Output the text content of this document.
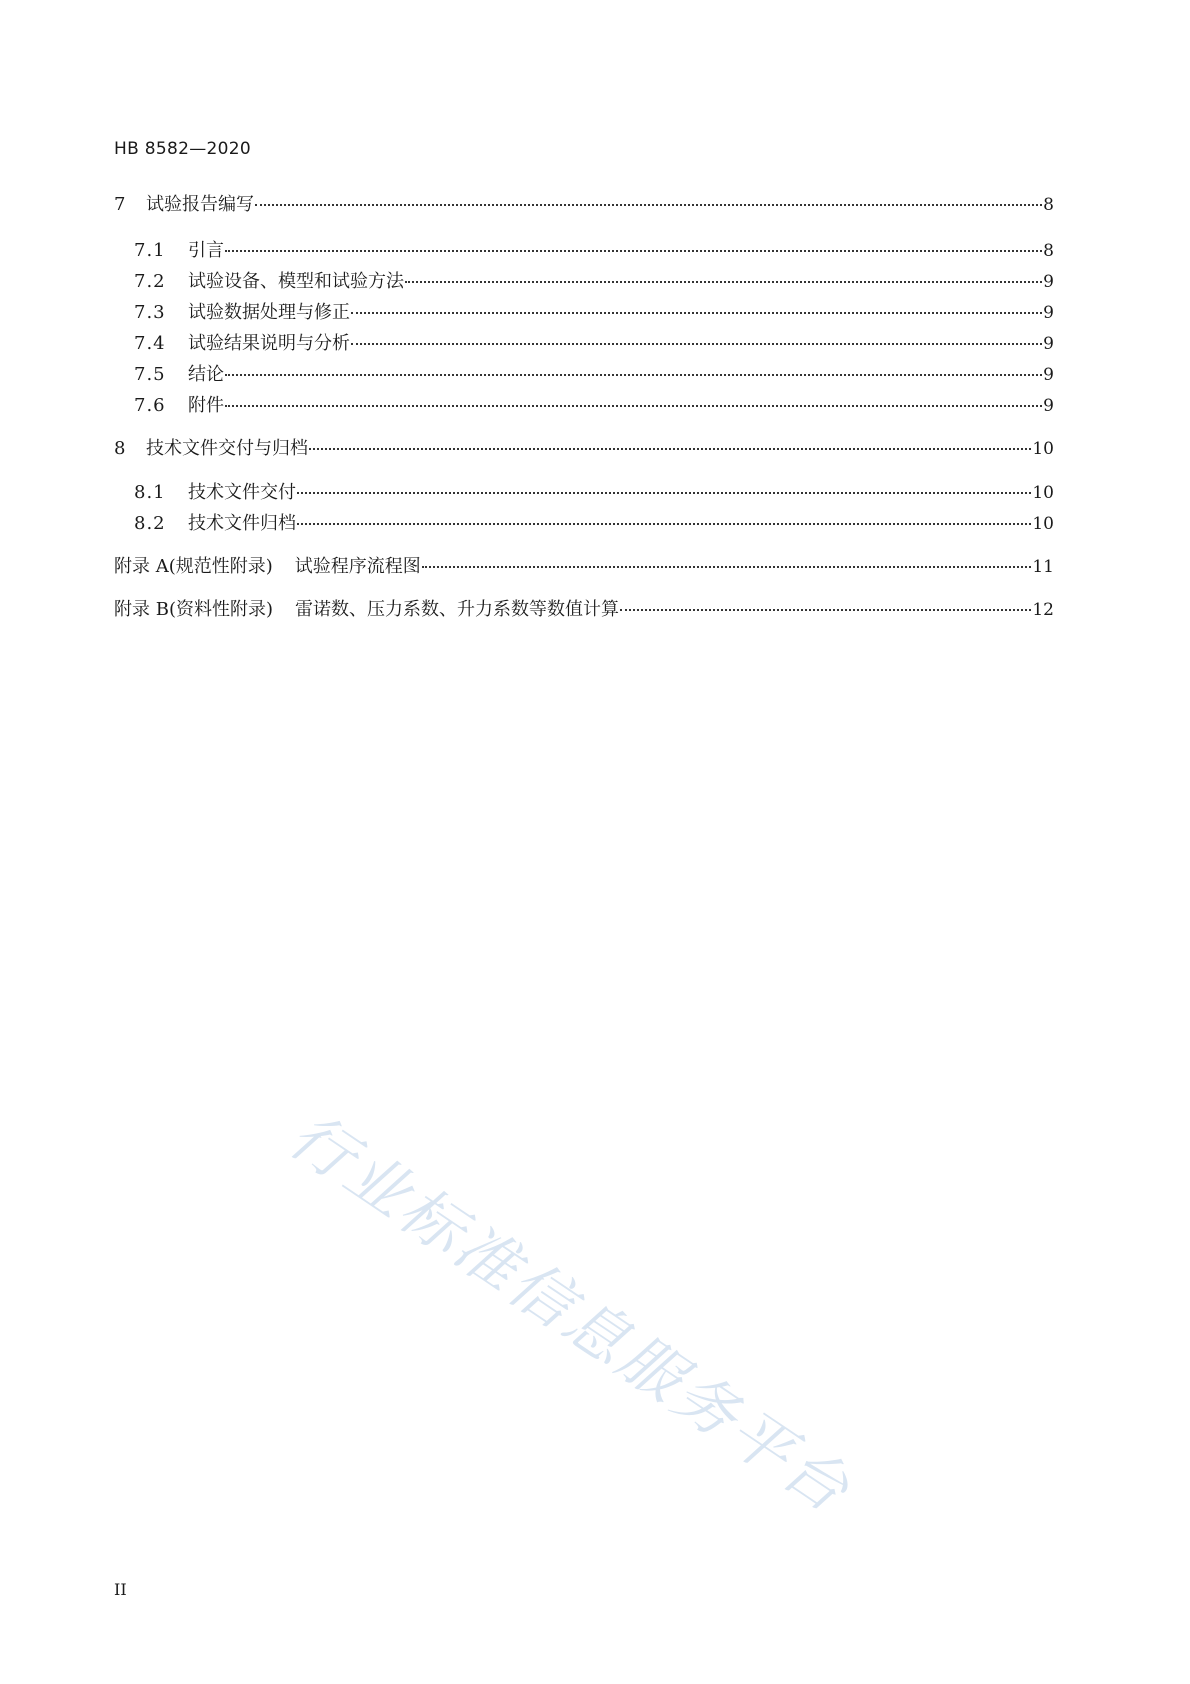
HB 8582—2020
7	试验报告编写	8
7.1	引言	8
7.2	试验设备、模型和试验方法	9
7.3	试验数据处理与修正	9
7.4	试验结果说明与分析	9
7.5	结论	9
7.6	附件	9
8	技术文件交付与归档	10
8.1	技术文件交付	10
8.2	技术文件归档	10
附录 A(规范性附录) 试验程序流程图	11
附录 B(资料性附录) 雷诺数、压力系数、升力系数等数值计算	12
行业标准信息服务平台
II
